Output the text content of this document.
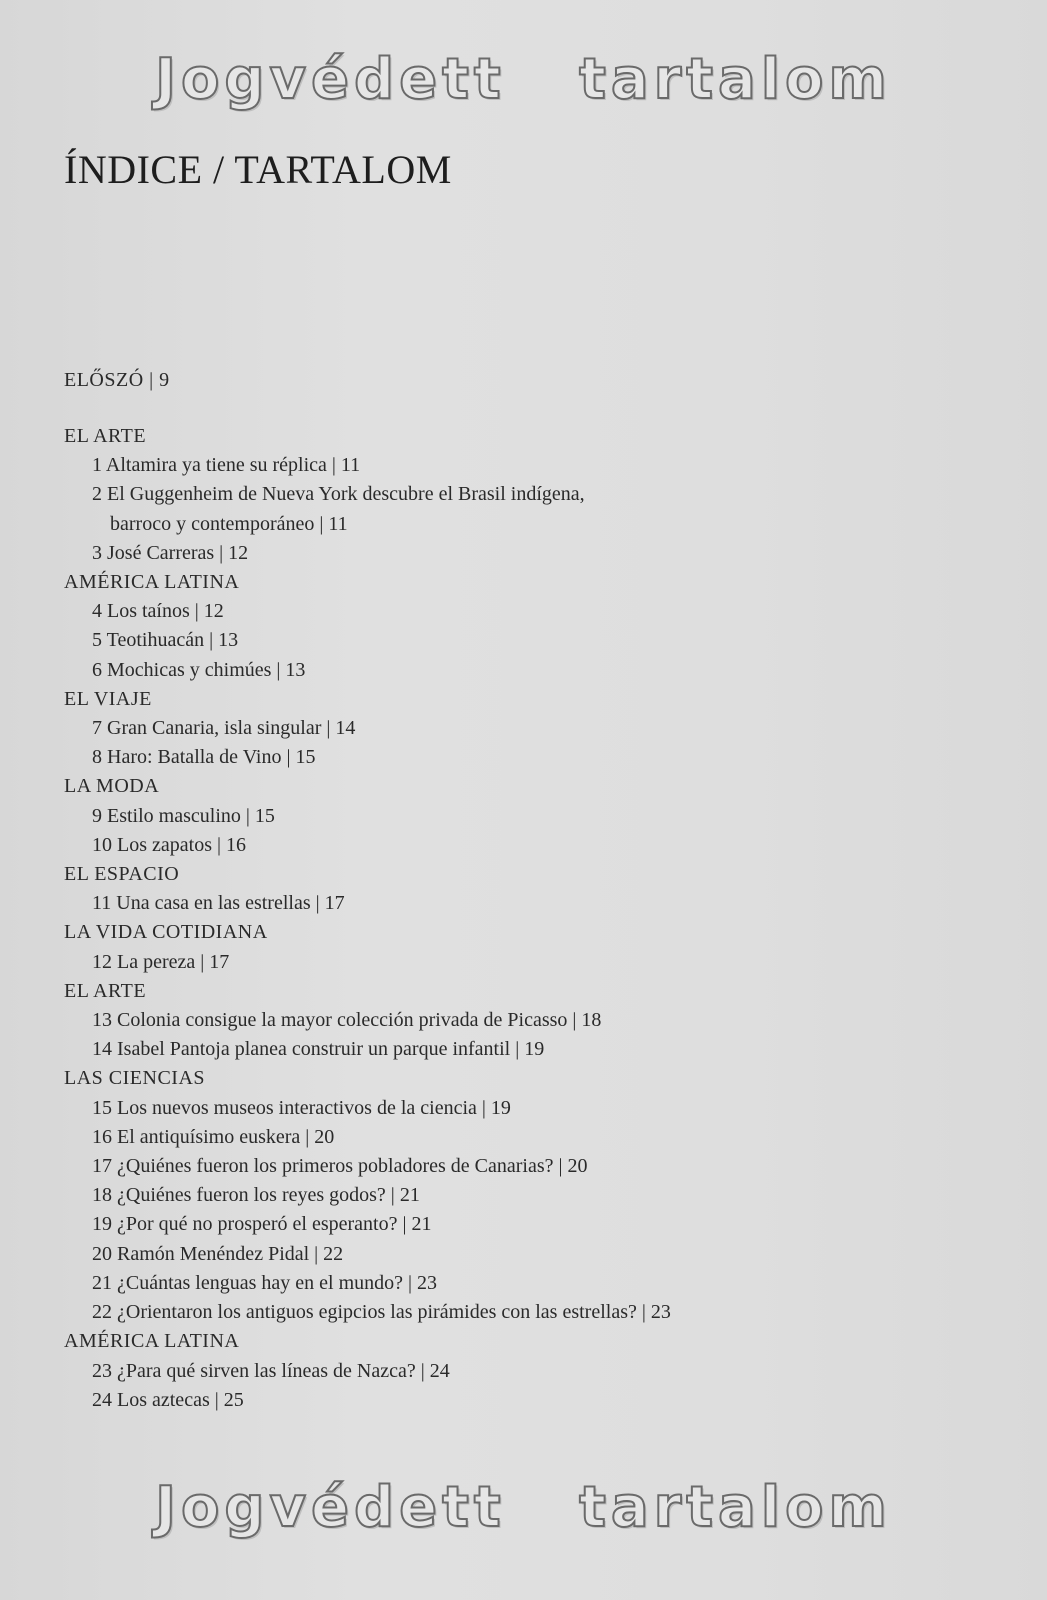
Jogvédett   tartalom
ÍNDICE / TARTALOM
ELŐSZÓ | 9
EL ARTE
1 Altamira ya tiene su réplica | 11
2 El Guggenheim de Nueva York descubre el Brasil indígena,
barroco y contemporáneo | 11
3 José Carreras | 12
AMÉRICA LATINA
4 Los taínos | 12
5 Teotihuacán | 13
6 Mochicas y chimúes | 13
EL VIAJE
7 Gran Canaria, isla singular | 14
8 Haro: Batalla de Vino | 15
LA MODA
9 Estilo masculino | 15
10 Los zapatos | 16
EL ESPACIO
11 Una casa en las estrellas | 17
LA VIDA COTIDIANA
12 La pereza | 17
EL ARTE
13 Colonia consigue la mayor colección privada de Picasso | 18
14 Isabel Pantoja planea construir un parque infantil | 19
LAS CIENCIAS
15 Los nuevos museos interactivos de la ciencia | 19
16 El antiquísimo euskera | 20
17 ¿Quiénes fueron los primeros pobladores de Canarias? | 20
18 ¿Quiénes fueron los reyes godos? | 21
19 ¿Por qué no prosperó el esperanto? | 21
20 Ramón Menéndez Pidal | 22
21 ¿Cuántas lenguas hay en el mundo? | 23
22 ¿Orientaron los antiguos egipcios las pirámides con las estrellas? | 23
AMÉRICA LATINA
23 ¿Para qué sirven las líneas de Nazca? | 24
24 Los aztecas | 25
Jogvédett   tartalom
